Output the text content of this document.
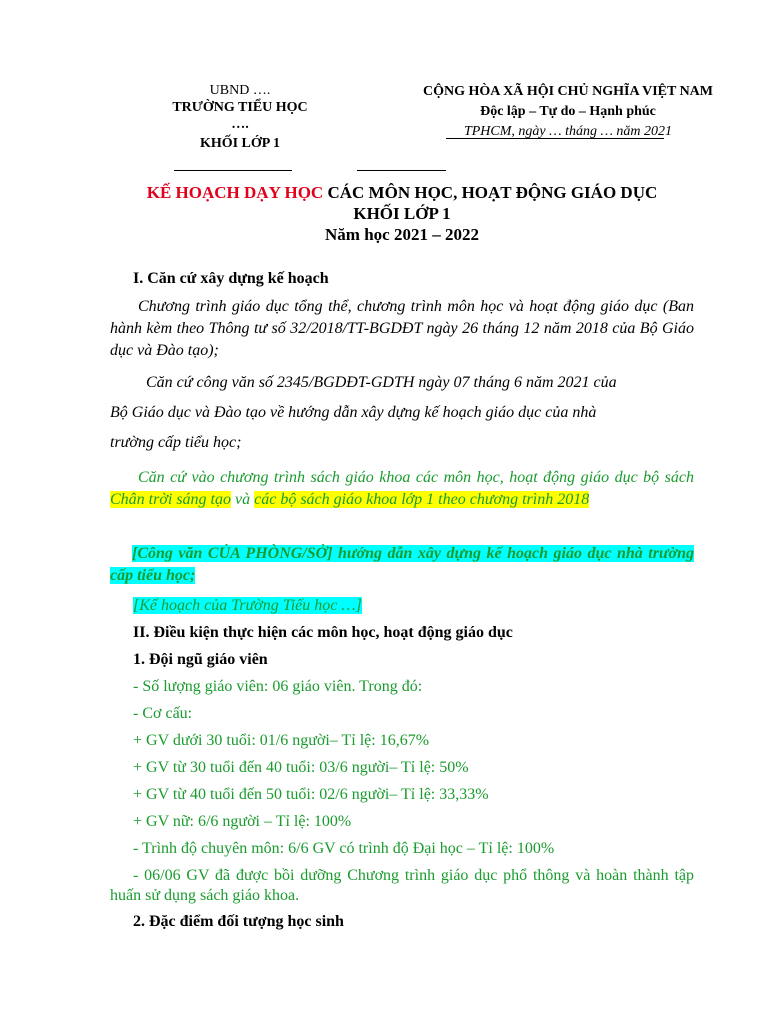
UBND ….
TRƯỜNG TIỂU HỌC
….
KHỐI LỚP 1
CỘNG HÒA XÃ HỘI CHỦ NGHĨA VIỆT NAM
Độc lập – Tự do – Hạnh phúc
TPHCM, ngày … tháng … năm 2021
KẾ HOẠCH DẠY HỌC CÁC MÔN HỌC, HOẠT ĐỘNG GIÁO DỤC
KHỐI LỚP 1
Năm học 2021 – 2022
I. Căn cứ xây dựng kế hoạch
Chương trình giáo dục tổng thể, chương trình môn học và hoạt động giáo dục (Ban hành kèm theo Thông tư số 32/2018/TT-BGDĐT ngày 26 tháng 12 năm 2018 của Bộ Giáo dục và Đào tạo);
Căn cứ công văn số 2345/BGDĐT-GDTH ngày 07 tháng 6 năm 2021 của
Bộ Giáo dục và Đào tạo về hướng dẫn xây dựng kế hoạch giáo dục của nhà
trường cấp tiểu học;
Căn cứ vào chương trình sách giáo khoa các môn học, hoạt động giáo dục bộ sách Chân trời sáng tạo và các bộ sách giáo khoa lớp 1 theo chương trình 2018
[Công văn CỦA PHÒNG/SỞ] hướng dẫn xây dựng kế hoạch giáo dục nhà trường cấp tiểu học;
[Kế hoạch của Trường Tiểu học …]
II. Điều kiện thực hiện các môn học, hoạt động giáo dục
1. Đội ngũ giáo viên
- Số lượng giáo viên: 06 giáo viên. Trong đó:
- Cơ cấu:
+ GV dưới 30 tuổi: 01/6 người– Tỉ lệ: 16,67%
+ GV từ 30 tuổi đến 40 tuổi: 03/6 người– Tỉ lệ: 50%
+ GV từ 40 tuổi đến 50 tuổi: 02/6 người– Tỉ lệ: 33,33%
+ GV nữ: 6/6 người – Tỉ lệ: 100%
- Trình độ chuyên môn: 6/6 GV có trình độ Đại học – Tỉ lệ: 100%
- 06/06 GV đã được bồi dưỡng Chương trình giáo dục phổ thông và hoàn thành tập huấn sử dụng sách giáo khoa.
2. Đặc điểm đối tượng học sinh
